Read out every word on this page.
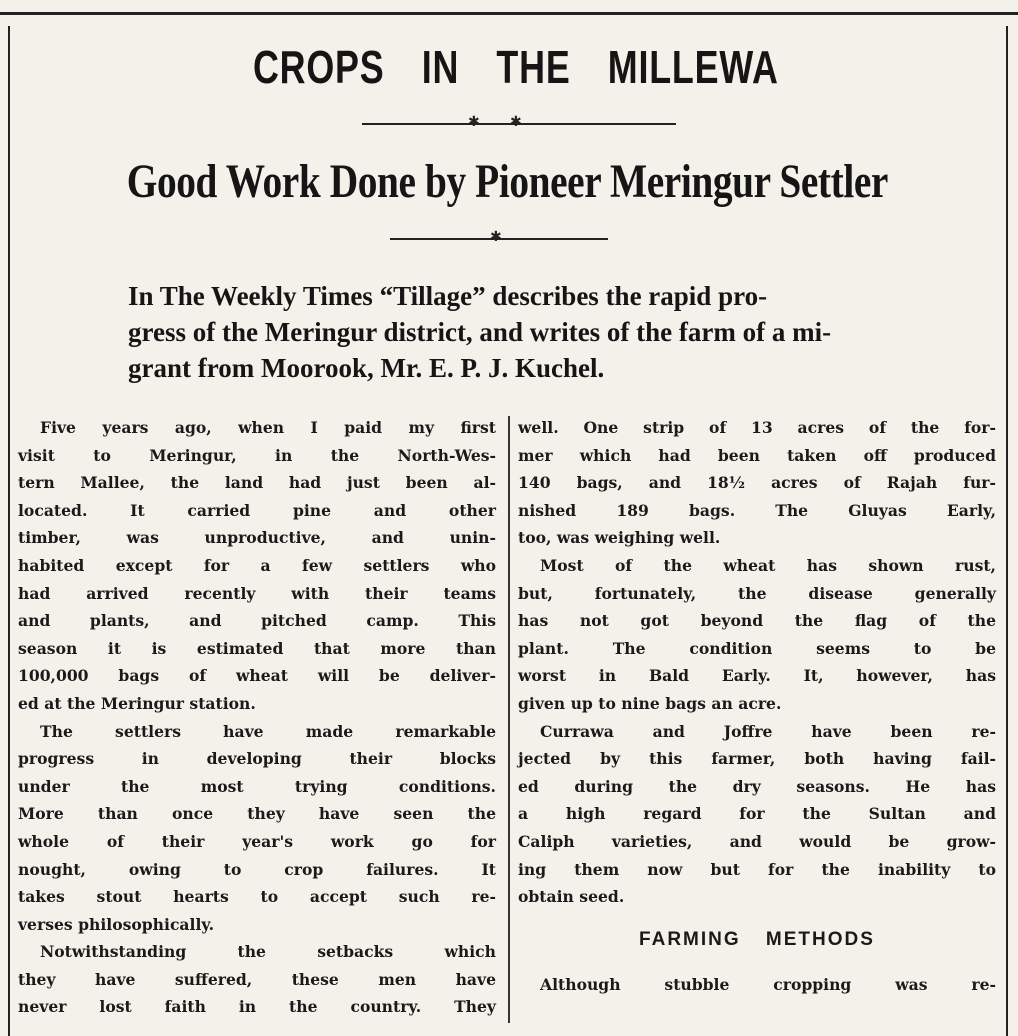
CROPS IN THE MILLEWA
✱ ✱
Good Work Done by Pioneer Meringur Settler
✱
In The Weekly Times “Tillage” describes the rapid pro-
gress of the Meringur district, and writes of the farm of a mi-
grant from Moorook, Mr. E. P. J. Kuchel.
Five years ago, when I paid my first
visit to Meringur, in the North-Wes-
tern Mallee, the land had just been al-
located. It carried pine and other
timber, was unproductive, and unin-
habited except for a few settlers who
had arrived recently with their teams
and plants, and pitched camp. This
season it is estimated that more than
100,000 bags of wheat will be deliver-
ed at the Meringur station.
The settlers have made remarkable
progress in developing their blocks
under the most trying conditions.
More than once they have seen the
whole of their year's work go for
nought, owing to crop failures. It
takes stout hearts to accept such re-
verses philosophically.
Notwithstanding the setbacks which
they have suffered, these men have
never lost faith in the country. They
well. One strip of 13 acres of the for-
mer which had been taken off produced
140 bags, and 18½ acres of Rajah fur-
nished 189 bags. The Gluyas Early,
too, was weighing well.
Most of the wheat has shown rust,
but, fortunately, the disease generally
has not got beyond the flag of the
plant. The condition seems to be
worst in Bald Early. It, however, has
given up to nine bags an acre.
Currawa and Joffre have been re-
jected by this farmer, both having fail-
ed during the dry seasons. He has
a high regard for the Sultan and
Caliph varieties, and would be grow-
ing them now but for the inability to
obtain seed.
FARMING METHODS
Although stubble cropping was re-
